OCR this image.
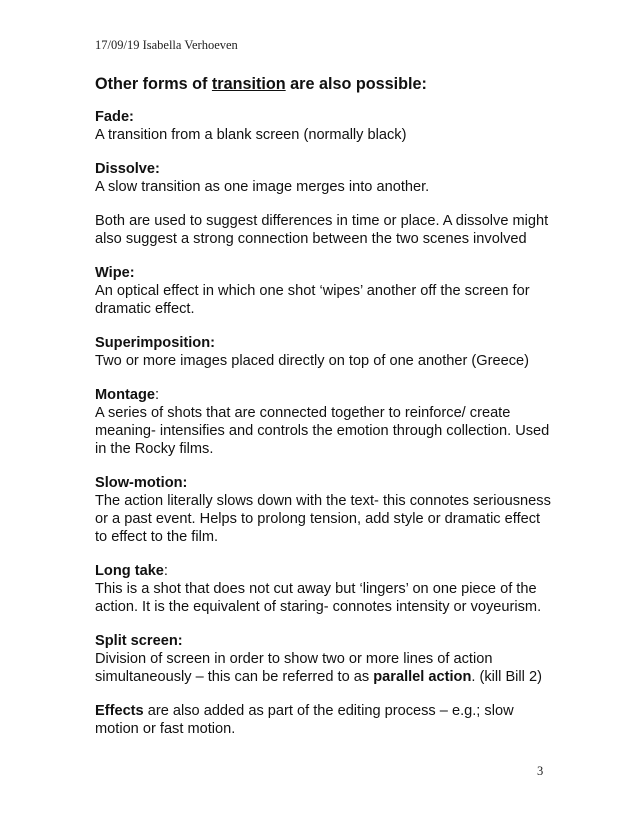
17/09/19 Isabella Verhoeven
Other forms of transition are also possible:
Fade:
A transition from a blank screen (normally black)
Dissolve:
A slow transition as one image merges into another.
Both are used to suggest differences in time or place. A dissolve might also suggest a strong connection between the two scenes involved
Wipe:
An optical effect in which one shot ‘wipes’ another off the screen for dramatic effect.
Superimposition:
Two or more images placed directly on top of one another (Greece)
Montage:
A series of shots that are connected together to reinforce/ create meaning- intensifies and controls the emotion through collection. Used in the Rocky films.
Slow-motion:
The action literally slows down with the text- this connotes seriousness or a past event. Helps to prolong tension, add style or dramatic effect to effect to the film.
Long take:
This is a shot that does not cut away but ‘lingers’ on one piece of the action. It is the equivalent of staring- connotes intensity or voyeurism.
Split screen:
Division of screen in order to show two or more lines of action simultaneously – this can be referred to as parallel action. (kill Bill 2)
Effects are also added as part of the editing process – e.g.; slow motion or fast motion.
3
